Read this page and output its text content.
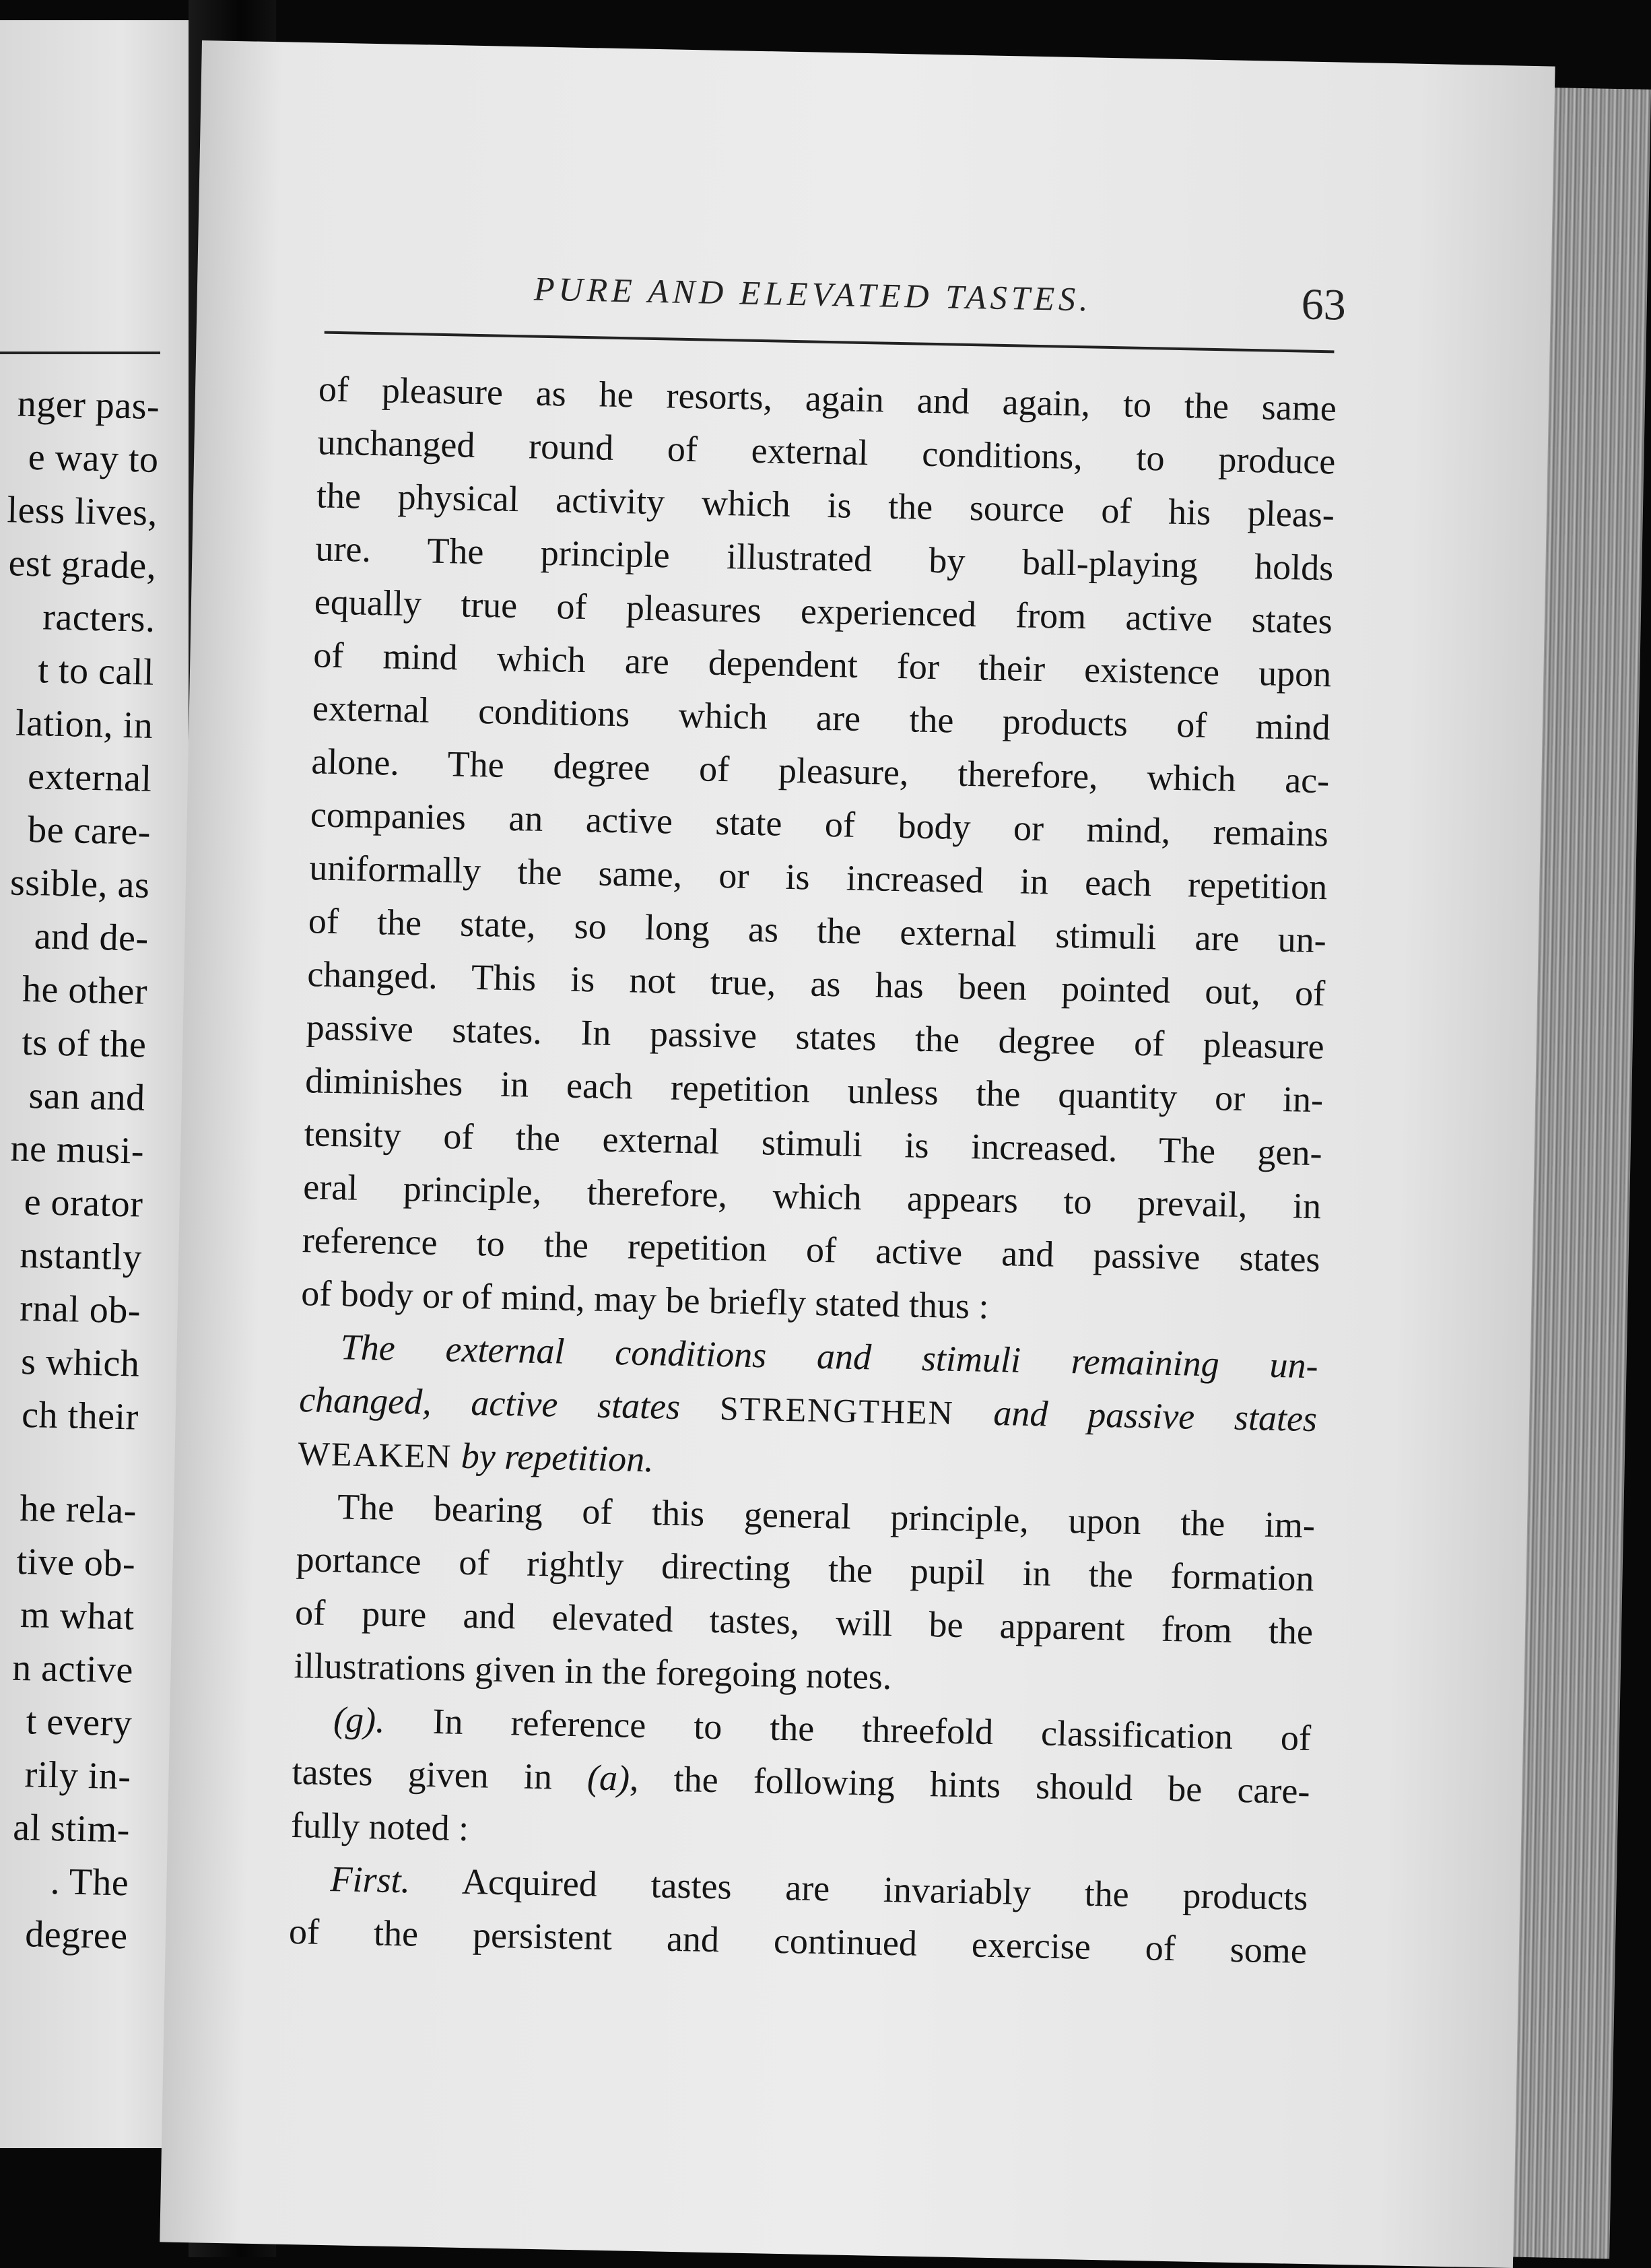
nger pas-
e way to
less lives,
est grade,
racters.
t to call
lation, in
external
be care-
ssible, as
and de-
he other
ts of the
san and
ne musi-
e orator
nstantly
rnal ob-
s which
ch their
he rela-
tive ob-
m what
n active
t every
rily in-
al stim-
. The
degree
PURE AND ELEVATED TASTES.	63
of pleasure as he resorts, again and again, to the same
unchanged round of external conditions, to produce
the physical activity which is the source of his pleas-
ure. The principle illustrated by ball-playing holds
equally true of pleasures experienced from active states
of mind which are dependent for their existence upon
external conditions which are the products of mind
alone. The degree of pleasure, therefore, which ac-
companies an active state of body or mind, remains
uniformally the same, or is increased in each repetition
of the state, so long as the external stimuli are un-
changed. This is not true, as has been pointed out, of
passive states. In passive states the degree of pleasure
diminishes in each repetition unless the quantity or in-
tensity of the external stimuli is increased. The gen-
eral principle, therefore, which appears to prevail, in
reference to the repetition of active and passive states
of body or of mind, may be briefly stated thus :
The external conditions and stimuli remaining un-
changed, active states STRENGTHEN and passive states
WEAKEN by repetition.
The bearing of this general principle, upon the im-
portance of rightly directing the pupil in the formation
of pure and elevated tastes, will be apparent from the
illustrations given in the foregoing notes.
(g). In reference to the threefold classification of
tastes given in (a), the following hints should be care-
fully noted :
First. Acquired tastes are invariably the products
of the persistent and continued exercise of some
